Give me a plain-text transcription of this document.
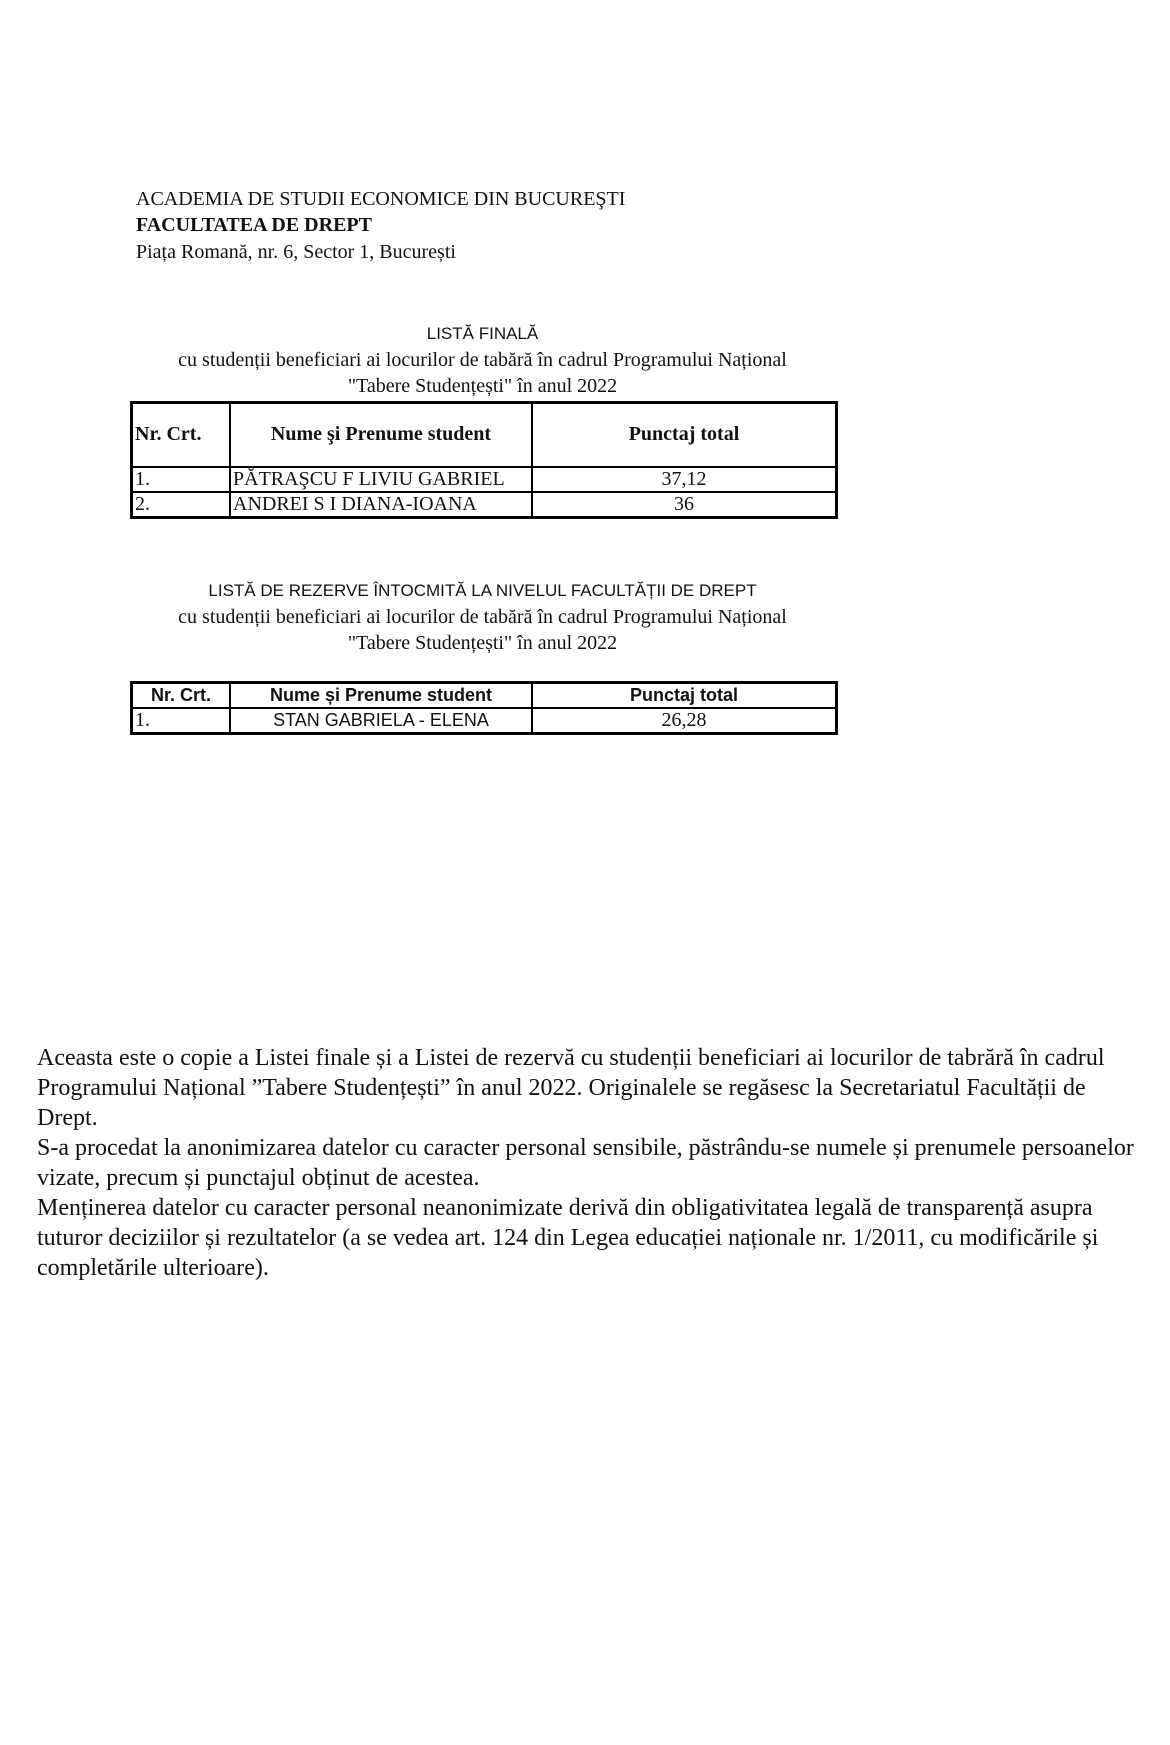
ACADEMIA DE STUDII ECONOMICE DIN BUCUREŞTI
FACULTATEA DE DREPT
Piața Romană, nr. 6, Sector 1, București
LISTĂ FINALĂ
cu studenții beneficiari ai locurilor de tabără în cadrul Programului Național
"Tabere Studențești" în anul 2022
Nr. Crt.	Nume şi Prenume student	Punctaj total
1.	PĂTRAŞCU F LIVIU GABRIEL	37,12
2.	ANDREI S I DIANA-IOANA	36
LISTĂ DE REZERVE ÎNTOCMITĂ LA NIVELUL FACULTĂȚII DE DREPT
cu studenții beneficiari ai locurilor de tabără în cadrul Programului Național
"Tabere Studențești" în anul 2022
Nr. Crt.	Nume și Prenume student	Punctaj total
1.	STAN GABRIELA - ELENA	26,28

Aceasta este o copie a Listei finale și a Listei de rezervă cu studenții beneficiari ai locurilor de tabrără în cadrul Programului Național ”Tabere Studențești” în anul 2022. Originalele se regăsesc la Secretariatul Facultății de Drept.

S-a procedat la anonimizarea datelor cu caracter personal sensibile, păstrându-se numele și prenumele persoanelor vizate, precum și punctajul obținut de acestea.

Menținerea datelor cu caracter personal neanonimizate derivă din obligativitatea legală de transparență asupra tuturor deciziilor și rezultatelor (a se vedea art. 124 din Legea educației naționale nr. 1/2011, cu modificările și completările ulterioare).
